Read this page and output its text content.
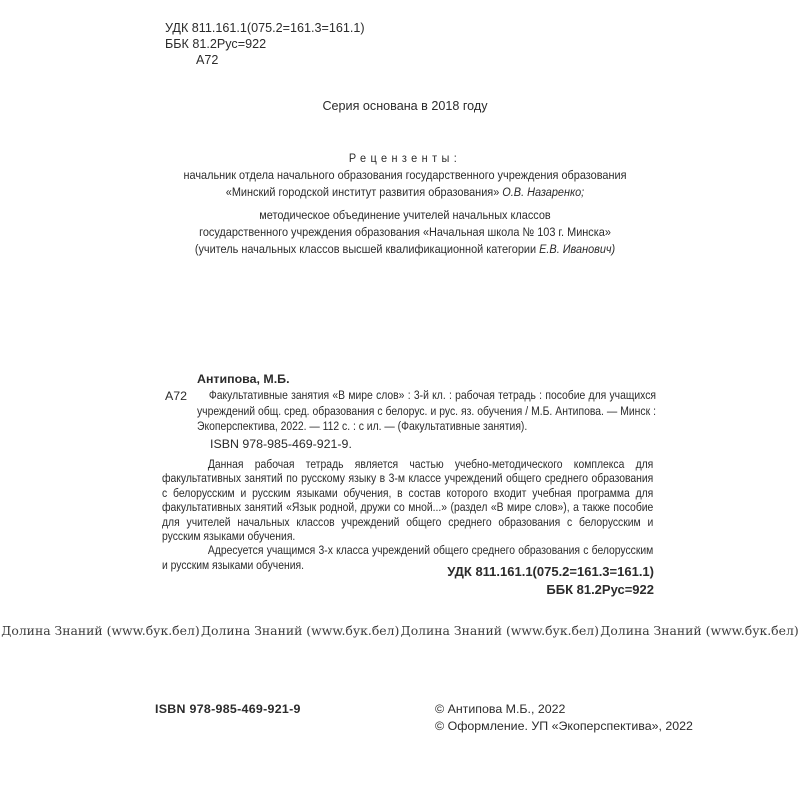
УДК 811.161.1(075.2=161.3=161.1)
ББК 81.2Рус=922
А72
Серия основана в 2018 году
Рецензенты:
начальник отдела начального образования государственного учреждения образования
«Минский городской институт развития образования» О.В. Назаренко;
методическое объединение учителей начальных классов
государственного учреждения образования «Начальная школа № 103 г. Минска»
(учитель начальных классов высшей квалификационной категории Е.В. Иванович)
Антипова, М.Б.
А72	Факультативные занятия «В мире слов» : 3-й кл. : рабочая тетрадь : пособие для учащихся учреждений общ. сред. образования с белорус. и рус. яз. обучения / М.Б. Антипова. — Минск : Экоперспектива, 2022. — 112 с. : с ил. — (Факультативные занятия).
ISBN 978-985-469-921-9.

Данная рабочая тетрадь является частью учебно-методического комплекса для факультативных занятий по русскому языку в 3-м классе учреждений общего среднего образования с белорусским и русским языками обучения, в состав которого входит учебная программа для факультативных занятий «Язык родной, дружи со мной...» (раздел «В мире слов»), а также пособие для учителей начальных классов учреждений общего среднего образования с белорусским и русским языками обучения.

Адресуется учащимся 3-х класса учреждений общего среднего образования с белорусским и русским языками обучения.	УДК 811.161.1(075.2=161.3=161.1)
ББК 81.2Рус=922
Долина Знаний (www.бук.бел) Долина Знаний (www.бук.бел) Долина Знаний (www.бук.бел) Долина Знаний (www.бук.бел)
ISBN 978-985-469-921-9	© Антипова М.Б., 2022
© Оформление. УП «Экоперспектива», 2022
